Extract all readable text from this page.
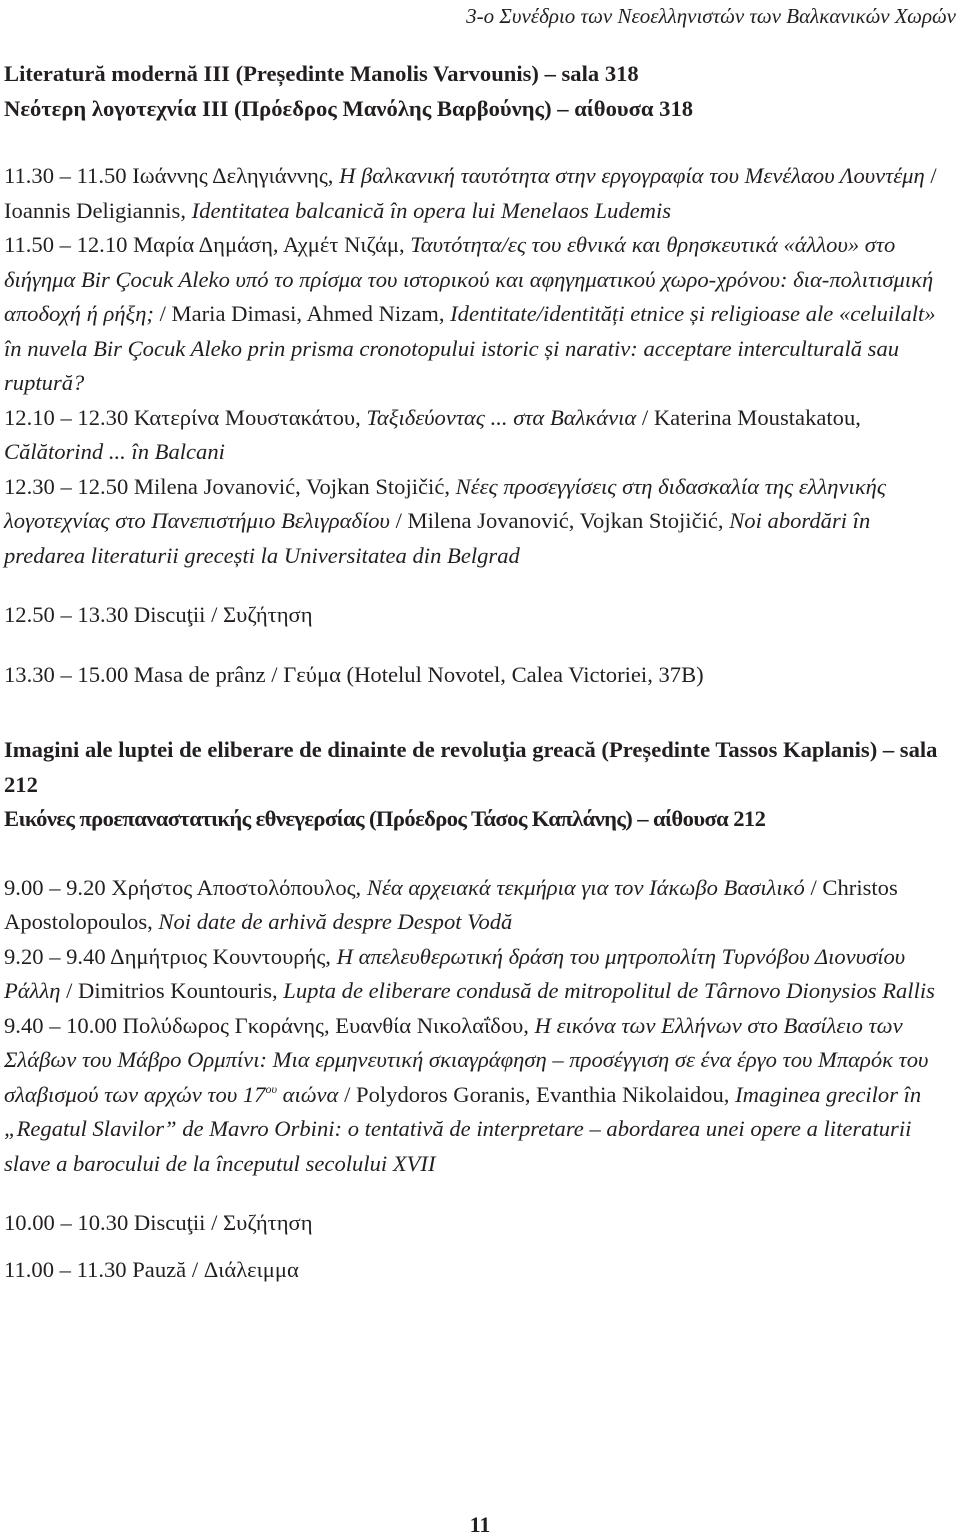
3-o Συνέδριο των Νεοελληνιστών των Βαλκανικών Χωρών

Literatură modernă III (Președinte Manolis Varvounis) – sala 318

Νεότερη λογοτεχνία ΙΙΙ (Πρόεδρος Μανόλης Βαρβούνης) – αίθουσα 318

11.30 – 11.50 Ιωάννης Δεληγιάννης, Η βαλκανική ταυτότητα στην εργογραφία του Μενέλαου Λουντέμη / Ioannis Deligiannis, Identitatea balcanică în opera lui Menelaos Ludemis

11.50 – 12.10 Μαρία Δημάση, Αχμέτ Νιζάμ, Ταυτότητα/ες του εθνικά και θρησκευτικά «άλλου» στο διήγημα Bir Çocuk Aleko υπό το πρίσμα του ιστορικού και αφηγηματικού χωρο-χρόνου: δια-πολιτισμική αποδοχή ή ρήξη; / Maria Dimasi, Ahmed Nizam, Identitate/identități etnice și religioase ale «celuilalt» în nuvela Bir Çocuk Aleko prin prisma cronotopului istoric și narativ: acceptare interculturală sau ruptură?

12.10 – 12.30 Κατερίνα Μουστακάτου, Ταξιδεύοντας ... στα Βαλκάνια / Katerina Moustakatou, Călătorind ... în Balcani

12.30 – 12.50 Milena Jovanović, Vojkan Stojičić, Νέες προσεγγίσεις στη διδασκαλία της ελληνικής λογοτεχνίας στο Πανεπιστήμιο Βελιγραδίου / Milena Jovanović, Vojkan Stojičić, Noi abordări în predarea literaturii grecești la Universitatea din Belgrad

12.50 – 13.30 Discuţii / Συζήτηση

13.30 – 15.00 Masa de prânz / Γεύμα (Hotelul Novotel, Calea Victoriei, 37B)

Imagini ale luptei de eliberare de dinainte de revoluţia greacă (Președinte Tassos Kaplanis) – sala 212

Εικόνες προεπαναστατικής εθνεγερσίας (Πρόεδρος Τάσος Καπλάνης) – αίθουσα 212

9.00 – 9.20 Χρήστος Αποστολόπουλος, Νέα αρχειακά τεκμήρια για τον Ιάκωβο Βασιλικό / Christos Apostolopoulos, Noi date de arhivă despre Despot Vodă

9.20 – 9.40 Δημήτριος Κουντουρής, Η απελευθερωτική δράση του μητροπολίτη Τυρνόβου Διονυσίου Ράλλη / Dimitrios Kountouris, Lupta de eliberare condusă de mitropolitul de Târnovo Dionysios Rallis

9.40 – 10.00 Πολύδωρος Γκοράνης, Ευανθία Νικολαΐδου, Η εικόνα των Ελλήνων στο Βασίλειο των Σλάβων του Μάβρο Ορμπίνι: Μια ερμηνευτική σκιαγράφηση – προσέγγιση σε ένα έργο του Μπαρόκ του σλαβισμού των αρχών του $17^{o\upsilon}$ αιώνα / Polydoros Goranis, Evanthia Nikolaidou, Imaginea grecilor în „Regatul Slavilor” de Mavro Orbini: o tentativă de interpretare – abordarea unei opere a literaturii slave a barocului de la începutul secolului XVII

10.00 – 10.30 Discuţii / Συζήτηση

11.00 – 11.30 Pauză / Διάλειμμα

11
